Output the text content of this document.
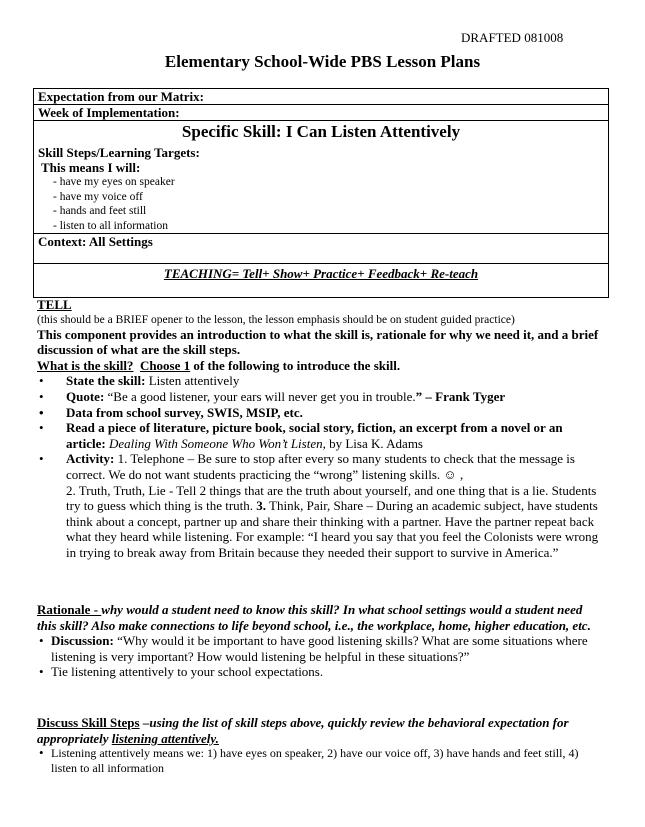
DRAFTED 081008
Elementary School-Wide PBS Lesson Plans
Expectation from our Matrix:
Week of Implementation:
Specific Skill: I Can Listen Attentively
Skill Steps/Learning Targets:
This means I will:
- have my eyes on speaker
- have my voice off
- hands and feet still
- listen to all information
Context: All Settings
TEACHING= Tell+ Show+ Practice+ Feedback+ Re-teach
TELL
(this should be a BRIEF opener to the lesson, the lesson emphasis should be on student guided practice)
This component provides an introduction to what the skill is, rationale for why we need it, and a brief discussion of what are the skill steps.
What is the skill? Choose 1 of the following to introduce the skill.
• State the skill: Listen attentively
• Quote: “Be a good listener, your ears will never get you in trouble.” – Frank Tyger
• Data from school survey, SWIS, MSIP, etc.
• Read a piece of literature, picture book, social story, fiction, an excerpt from a novel or an article: Dealing With Someone Who Won’t Listen, by Lisa K. Adams
• Activity: 1. Telephone – Be sure to stop after every so many students to check that the message is correct. We do not want students practicing the “wrong” listening skills. ☺ ,
2. Truth, Truth, Lie - Tell 2 things that are the truth about yourself, and one thing that is a lie. Students try to guess which thing is the truth. 3. Think, Pair, Share – During an academic subject, have students think about a concept, partner up and share their thinking with a partner. Have the partner repeat back what they heard while listening. For example: “I heard you say that you feel the Colonists were wrong in trying to break away from Britain because they needed their support to survive in America.”
Rationale - why would a student need to know this skill? In what school settings would a student need this skill? Also make connections to life beyond school, i.e., the workplace, home, higher education, etc.
• Discussion: “Why would it be important to have good listening skills? What are some situations where listening is very important? How would listening be helpful in these situations?”
• Tie listening attentively to your school expectations.
Discuss Skill Steps –using the list of skill steps above, quickly review the behavioral expectation for appropriately listening attentively.
• Listening attentively means we: 1) have eyes on speaker, 2) have our voice off, 3) have hands and feet still, 4) listen to all information
